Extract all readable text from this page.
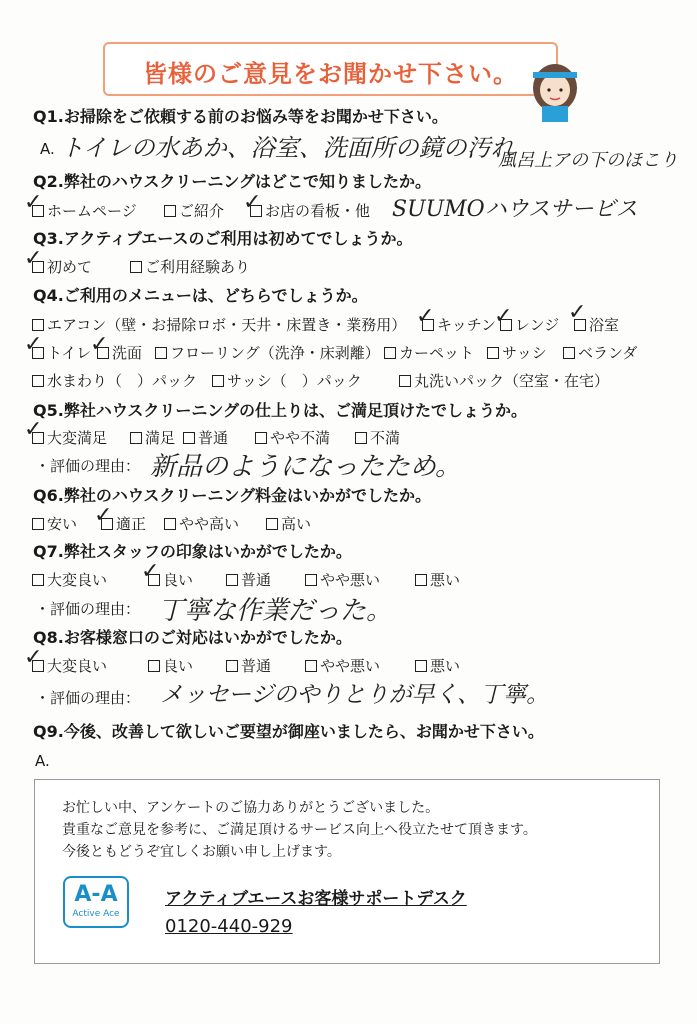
皆様のご意見をお聞かせ下さい。
Q1.お掃除をご依頼する前のお悩み等をお聞かせ下さい。
A. トイレの水あか、浴室、洗面所の鏡の汚れ
風呂上アの下のほこり
Q2.弊社のハウスクリーニングはどこで知りましたか。
ホームページ	ご紹介	お店の看板・他
✓	✓	SUUMOハウスサービス
Q3.アクティブエースのご利用は初めてでしょうか。
初めて	ご利用経験あり
✓
Q4.ご利用のメニューは、どちらでしょうか。
エアコン（壁・お掃除ロボ・天井・床置き・業務用）	キッチン	レンジ	浴室
✓	✓	✓
トイレ	洗面	フローリング（洗浄・床剥離）	カーペット	サッシ	ベランダ
✓ ✓
水まわり（　）パック	サッシ（　）パック	丸洗いパック（空室・在宅）
Q5.弊社ハウスクリーニングの仕上りは、ご満足頂けたでしょうか。
大変満足	満足	普通	やや不満	不満
✓
・評価の理由： 新品のようになったため。
Q6.弊社のハウスクリーニング料金はいかがでしたか。
安い	適正	やや高い	高い
✓
Q7.弊社スタッフの印象はいかがでしたか。
大変良い	良い	普通	やや悪い	悪い
✓
・評価の理由： 丁寧な作業だった。
Q8.お客様窓口のご対応はいかがでしたか。
大変良い	良い	普通	やや悪い	悪い
✓
・評価の理由： メッセージのやりとりが早く、丁寧。
Q9.今後、改善して欲しいご要望が御座いましたら、お聞かせ下さい。
A.
お忙しい中、アンケートのご協力ありがとうございました。
貴重なご意見を参考に、ご満足頂けるサービス向上へ役立たせて頂きます。
今後ともどうぞ宜しくお願い申し上げます。
A-A
Active Ace
アクティブエースお客様サポートデスク
0120-440-929
